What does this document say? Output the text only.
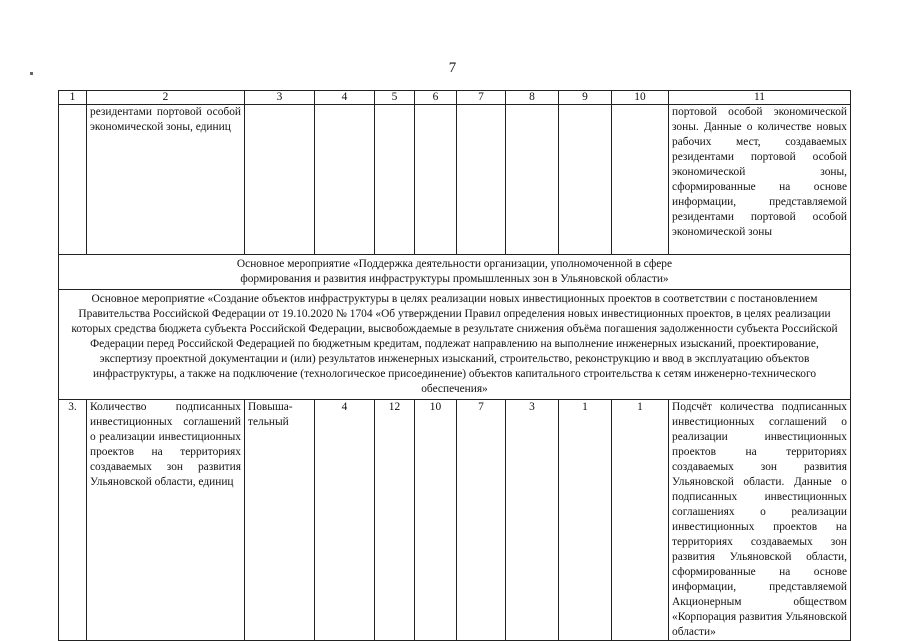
7
1	2	3	4	5	6	7	8	9	10	11
	резидентами портовой особой экономической зоны, единиц									портовой особой экономической зоны. Данные о количестве новых рабочих мест, создаваемых резидентами портовой особой экономической зоны, сформированные на основе информации, представляемой резидентами портовой особой экономической зоны
Основное мероприятие «Поддержка деятельности организации, уполномоченной в сфере формирования и развития инфраструктуры промышленных зон в Ульяновской области»										
Основное мероприятие «Создание объектов инфраструктуры в целях реализации новых инвестиционных проектов в соответствии с постановлением Правительства Российской Федерации от 19.10.2020 № 1704 «Об утверждении Правил определения новых инвестиционных проектов, в целях реализации которых средства бюджета субъекта Российской Федерации, высвобождаемые в результате снижения объёма погашения задолженности субъекта Российской Федерации перед Российской Федерацией по бюджетным кредитам, подлежат направлению на выполнение инженерных изысканий, проектирование, экспертизу проектной документации и (или) результатов инженерных изысканий, строительство, реконструкцию и ввод в эксплуатацию объектов инфраструктуры, а также на подключение (технологическое присоединение) объектов капитального строительства к сетям инженерно-технического обеспечения»										
3.	Количество подписанных инвестиционных соглашений о реализации инвестиционных проектов на территориях создаваемых зон развития Ульяновской области, единиц	Повыша-тельный	4	12	10	7	3	1	1	Подсчёт количества подписанных инвестиционных соглашений о реализации инвестиционных проектов на территориях создаваемых зон развития Ульяновской области. Данные о подписанных инвестиционных соглашениях о реализации инвестиционных проектов на территориях создаваемых зон развития Ульяновской области, сформированные на основе информации, представляемой Акционерным обществом «Корпорация развития Ульяновской области»
